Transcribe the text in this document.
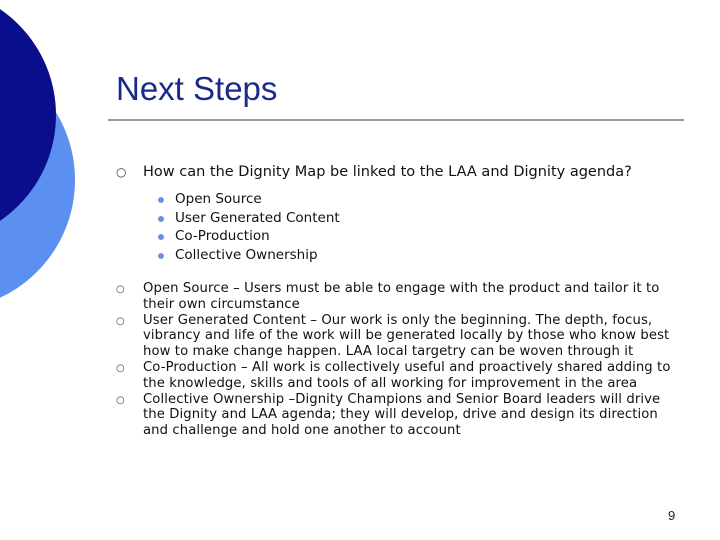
Next Steps
○ How can the Dignity Map be linked to the LAA and Dignity agenda?
Open Source
User Generated Content
Co-Production
Collective Ownership
○ Open Source – Users must be able to engage with the product and tailor it to their own circumstance
○ User Generated Content – Our work is only the beginning. The depth, focus, vibrancy and life of the work will be generated locally by those who know best how to make change happen. LAA local targetry can be woven through it
○ Co-Production – All work is collectively useful and proactively shared adding to the knowledge, skills and tools of all working for improvement in the area
○ Collective Ownership –Dignity Champions and Senior Board leaders will drive the Dignity and LAA agenda; they will develop, drive and design its direction and challenge and hold one another to account
9
